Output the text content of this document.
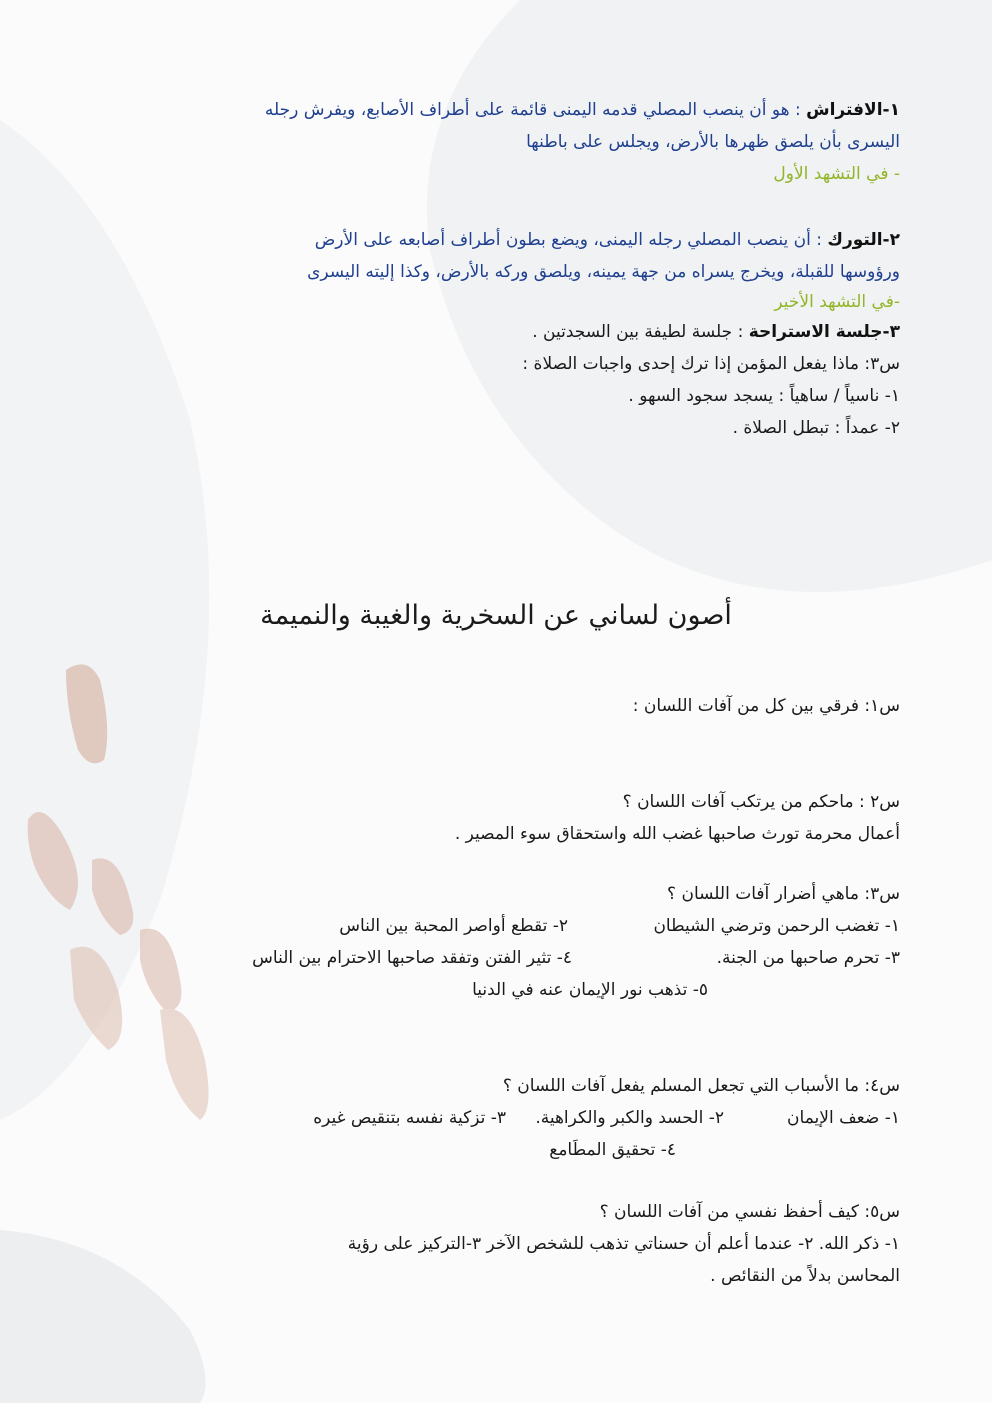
١-الافتراش : هو أن ينصب المصلي قدمه اليمنى قائمة على أطراف الأصابع، ويفرش رجله
اليسرى بأن يلصق ظهرها بالأرض، ويجلس على باطنها
- في التشهد الأول
٢-التورك : أن ينصب المصلي رجله اليمنى، ويضع بطون أطراف أصابعه على الأرض
ورؤوسها للقبلة، ويخرج يسراه من جهة يمينه، ويلصق وركه بالأرض، وكذا إليته اليسرى
-في التشهد الأخير
٣-جلسة الاستراحة : جلسة لطيفة بين السجدتين .
س٣: ماذا يفعل المؤمن إذا ترك إحدى واجبات الصلاة :
١- ناسياً / ساهياً : يسجد سجود السهو .
٢- عمداً : تبطل الصلاة .
أصون لساني عن السخرية والغيبة والنميمة
س١: فرقي بين كل من آفات اللسان :
س٢ : ماحكم من يرتكب آفات اللسان ؟
أعمال محرمة تورث صاحبها غضب الله واستحقاق سوء المصير .
س٣: ماهي أضرار آفات اللسان ؟
١- تغضب الرحمن وترضي الشيطان
٢- تقطع أواصر المحبة بين الناس
٣- تحرم صاحبها من الجنة.
٤- تثير الفتن وتفقد صاحبها الاحترام بين الناس
٥- تذهب نور الإيمان عنه في الدنيا
س٤: ما الأسباب التي تجعل المسلم يفعل آفات اللسان ؟
١- ضعف الإيمان
٢- الحسد والكبر والكراهية.
٣- تزكية نفسه بتنقيص غيره
٤- تحقيق المطَامع
س٥: كيف أحفظ نفسي من آفات اللسان ؟
١- ذكر الله. ٢- عندما أعلم أن حسناتي تذهب للشخص الآخر ٣-التركيز على رؤية
المحاسن بدلاً من النقائص .
